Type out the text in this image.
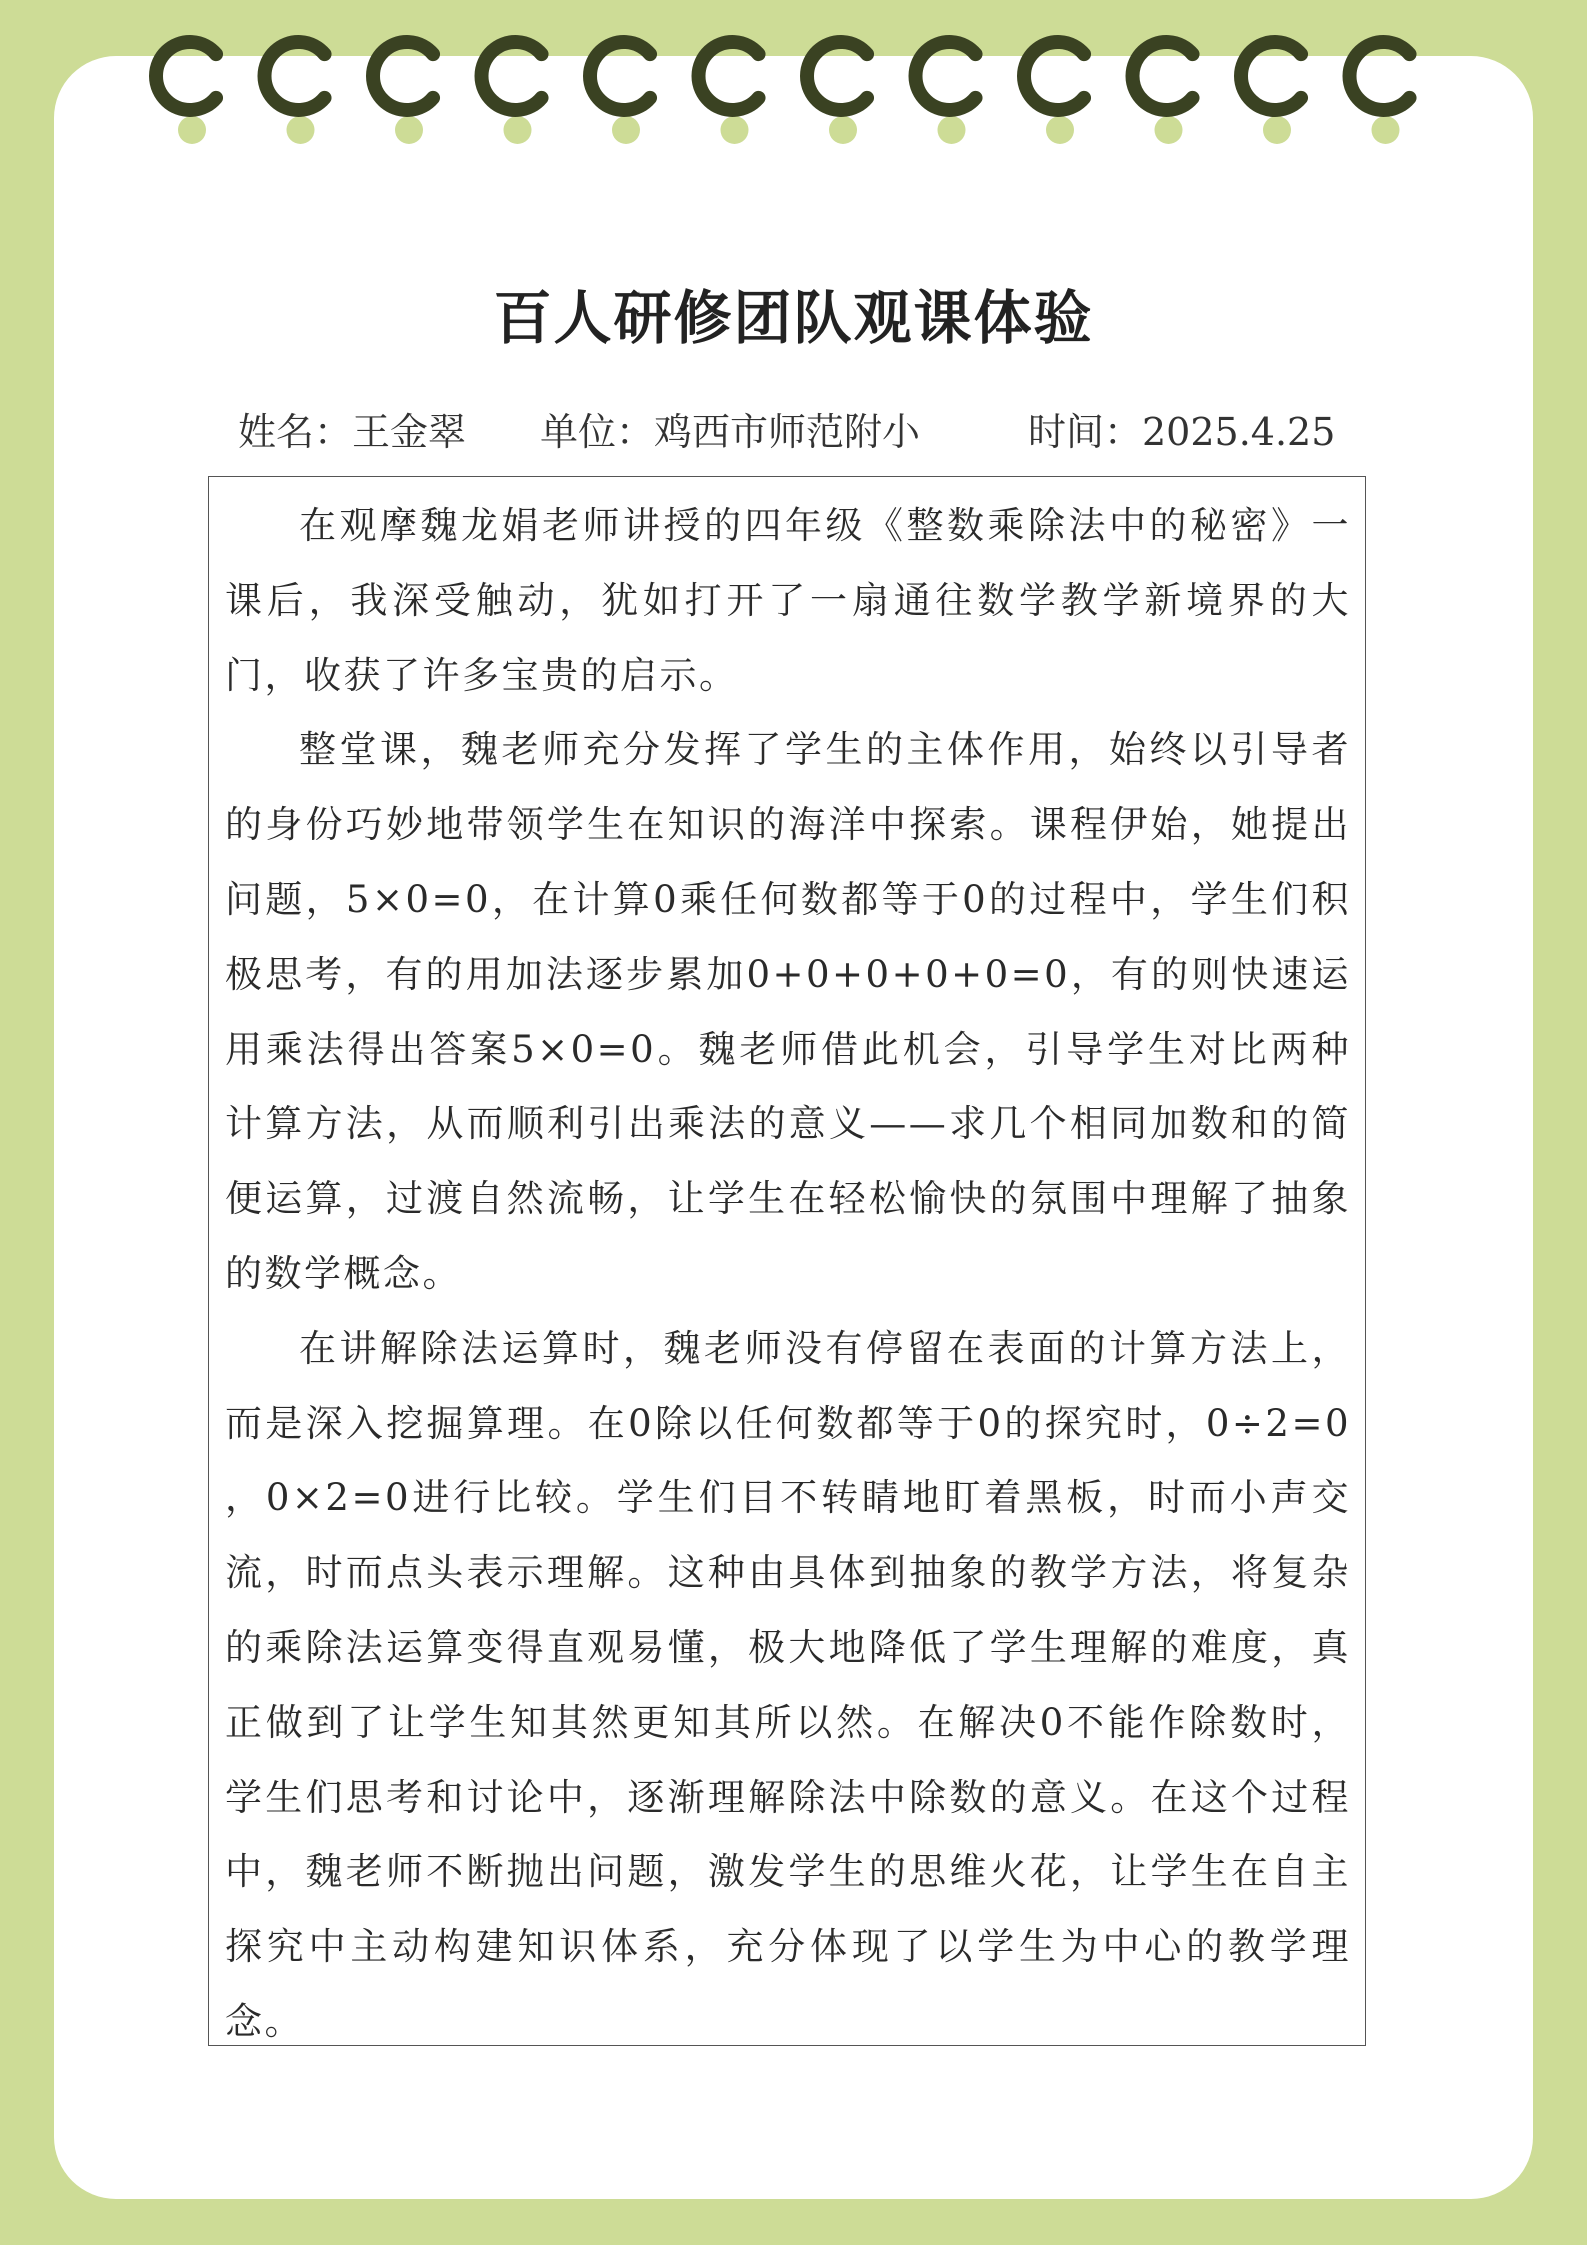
百人研修团队观课体验
姓名：王金翠 单位：鸡西市师范附小	时间：2025.4.25

在观摩魏龙娟老师讲授的四年级《整数乘除法中的秘密》一课后，我深受触动，犹如打开了一扇通往数学教学新境界的大门，收获了许多宝贵的启示。

整堂课，魏老师充分发挥了学生的主体作用，始终以引导者的身份巧妙地带领学生在知识的海洋中探索。课程伊始，她提出问题，5×0=0，在计算0乘任何数都等于0的过程中，学生们积极思考，有的用加法逐步累加0+0+0+0+0=0，有的则快速运用乘法得出答案5×0=0。魏老师借此机会，引导学生对比两种计算方法，从而顺利引出乘法的意义——求几个相同加数和的简便运算，过渡自然流畅，让学生在轻松愉快的氛围中理解了抽象的数学概念。

在讲解除法运算时，魏老师没有停留在表面的计算方法上，而是深入挖掘算理。在0除以任何数都等于0的探究时，0÷2=0 ，0×2=0进行比较。学生们目不转睛地盯着黑板，时而小声交流，时而点头表示理解。这种由具体到抽象的教学方法，将复杂的乘除法运算变得直观易懂，极大地降低了学生理解的难度，真正做到了让学生知其然更知其所以然。在解决0不能作除数时，学生们思考和讨论中，逐渐理解除法中除数的意义。在这个过程中，魏老师不断抛出问题，激发学生的思维火花，让学生在自主探究中主动构建知识体系，充分体现了以学生为中心的教学理念。
